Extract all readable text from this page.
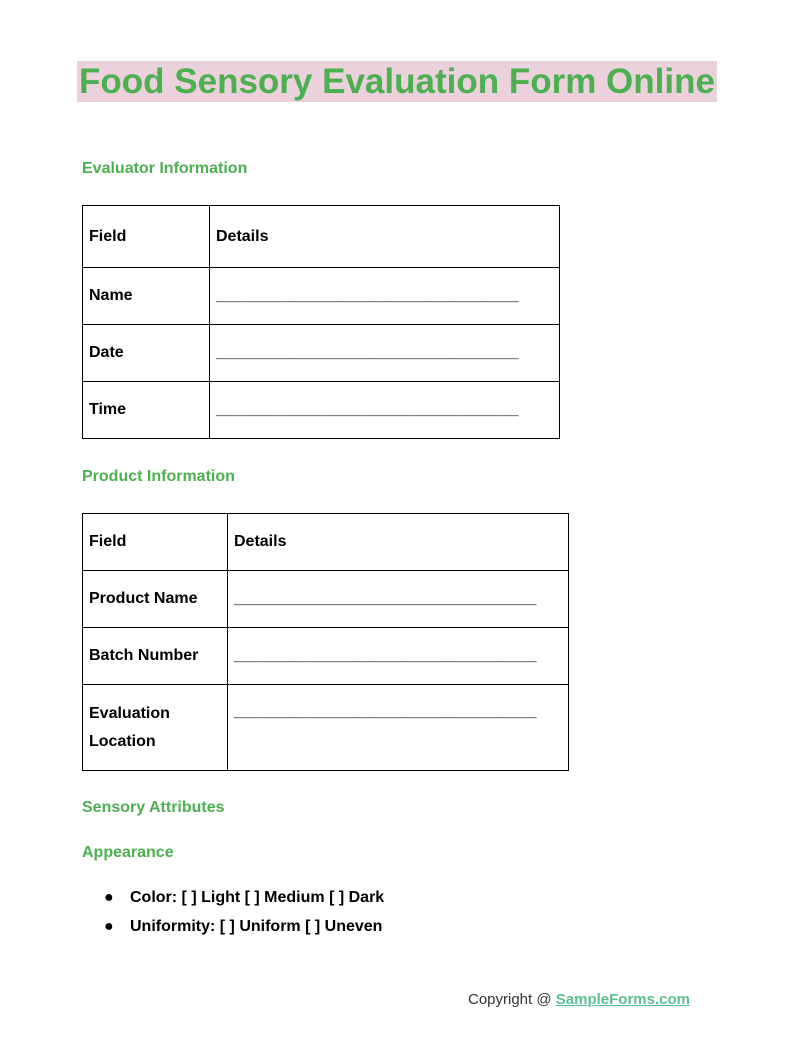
Food Sensory Evaluation Form Online
Evaluator Information
Field	Details
Name	__________________________________
Date	__________________________________
Time	__________________________________
Product Information
Field	Details
Product Name	__________________________________
Batch Number	__________________________________
Evaluation Location	__________________________________
Sensory Attributes
Appearance
● Color: [ ] Light [ ] Medium [ ] Dark
● Uniformity: [ ] Uniform [ ] Uneven
Copyright @ SampleForms.com
